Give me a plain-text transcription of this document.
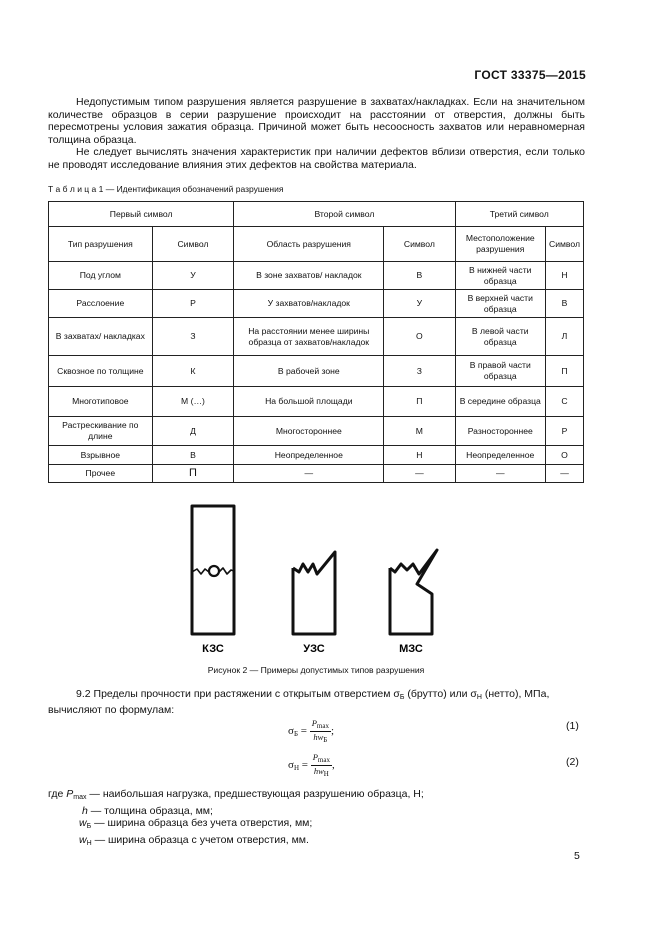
ГОСТ 33375—2015

Недопустимым типом разрушения является разрушение в захватах/накладках. Если на значительном количестве образцов в серии разрушение происходит на расстоянии от отверстия, должны быть пересмотрены условия зажатия образца. Причиной может быть несоосность захватов или неравномерная толщина образца.

Не следует вычислять значения характеристик при наличии дефектов вблизи отверстия, если только не проводят исследование влияния этих дефектов на свойства материала.

Т а б л и ц а 1 — Идентификация обозначений разрушения
Первый символ		Второй символ		Третий символ	
Тип разрушения	Символ	Область разрушения	Символ	Местоположение разрушения	Символ
Под углом	У	В зоне захватов/ накладок	В	В нижней части образца	Н
Расслоение	Р	У захватов/накладок	У	В верхней части образца	В
В захватах/ накладках	З	На расстоянии менее ширины образца от захватов/накладок	О	В левой части образца	Л
Сквозное по толщине	К	В рабочей зоне	З	В правой части образца	П
Многотиповое	М (…)	На большой площади	П	В середине образца	С
Растрескивание по длине	Д	Многостороннее	М	Разностороннее	Р
Взрывное	В	Неопределенное	Н	Неопределенное	О
Прочее	П	—	—	—	—
КЗС	УЗС	МЗС
Рисунок 2 — Примеры допустимых типов разрушения

9.2 Пределы прочности при растяжении с открытым отверстием $\sigma_Б$ (брутто) или $\sigma_Н$ (нетто), МПа, вычисляют по формулам:

$\sigma_Б = \frac{P_{max}}{hw_Б}$ ;	(1)
$\sigma_Н = \frac{P_{max}}{hw_Н}$ ,	(2)
где $P_{max}$ — наибольшая нагрузка, предшествующая разрушению образца, Н;
h — толщина образца, мм;
$w_Б$ — ширина образца без учета отверстия, мм;
$w_Н$ — ширина образца с учетом отверстия, мм.
5
